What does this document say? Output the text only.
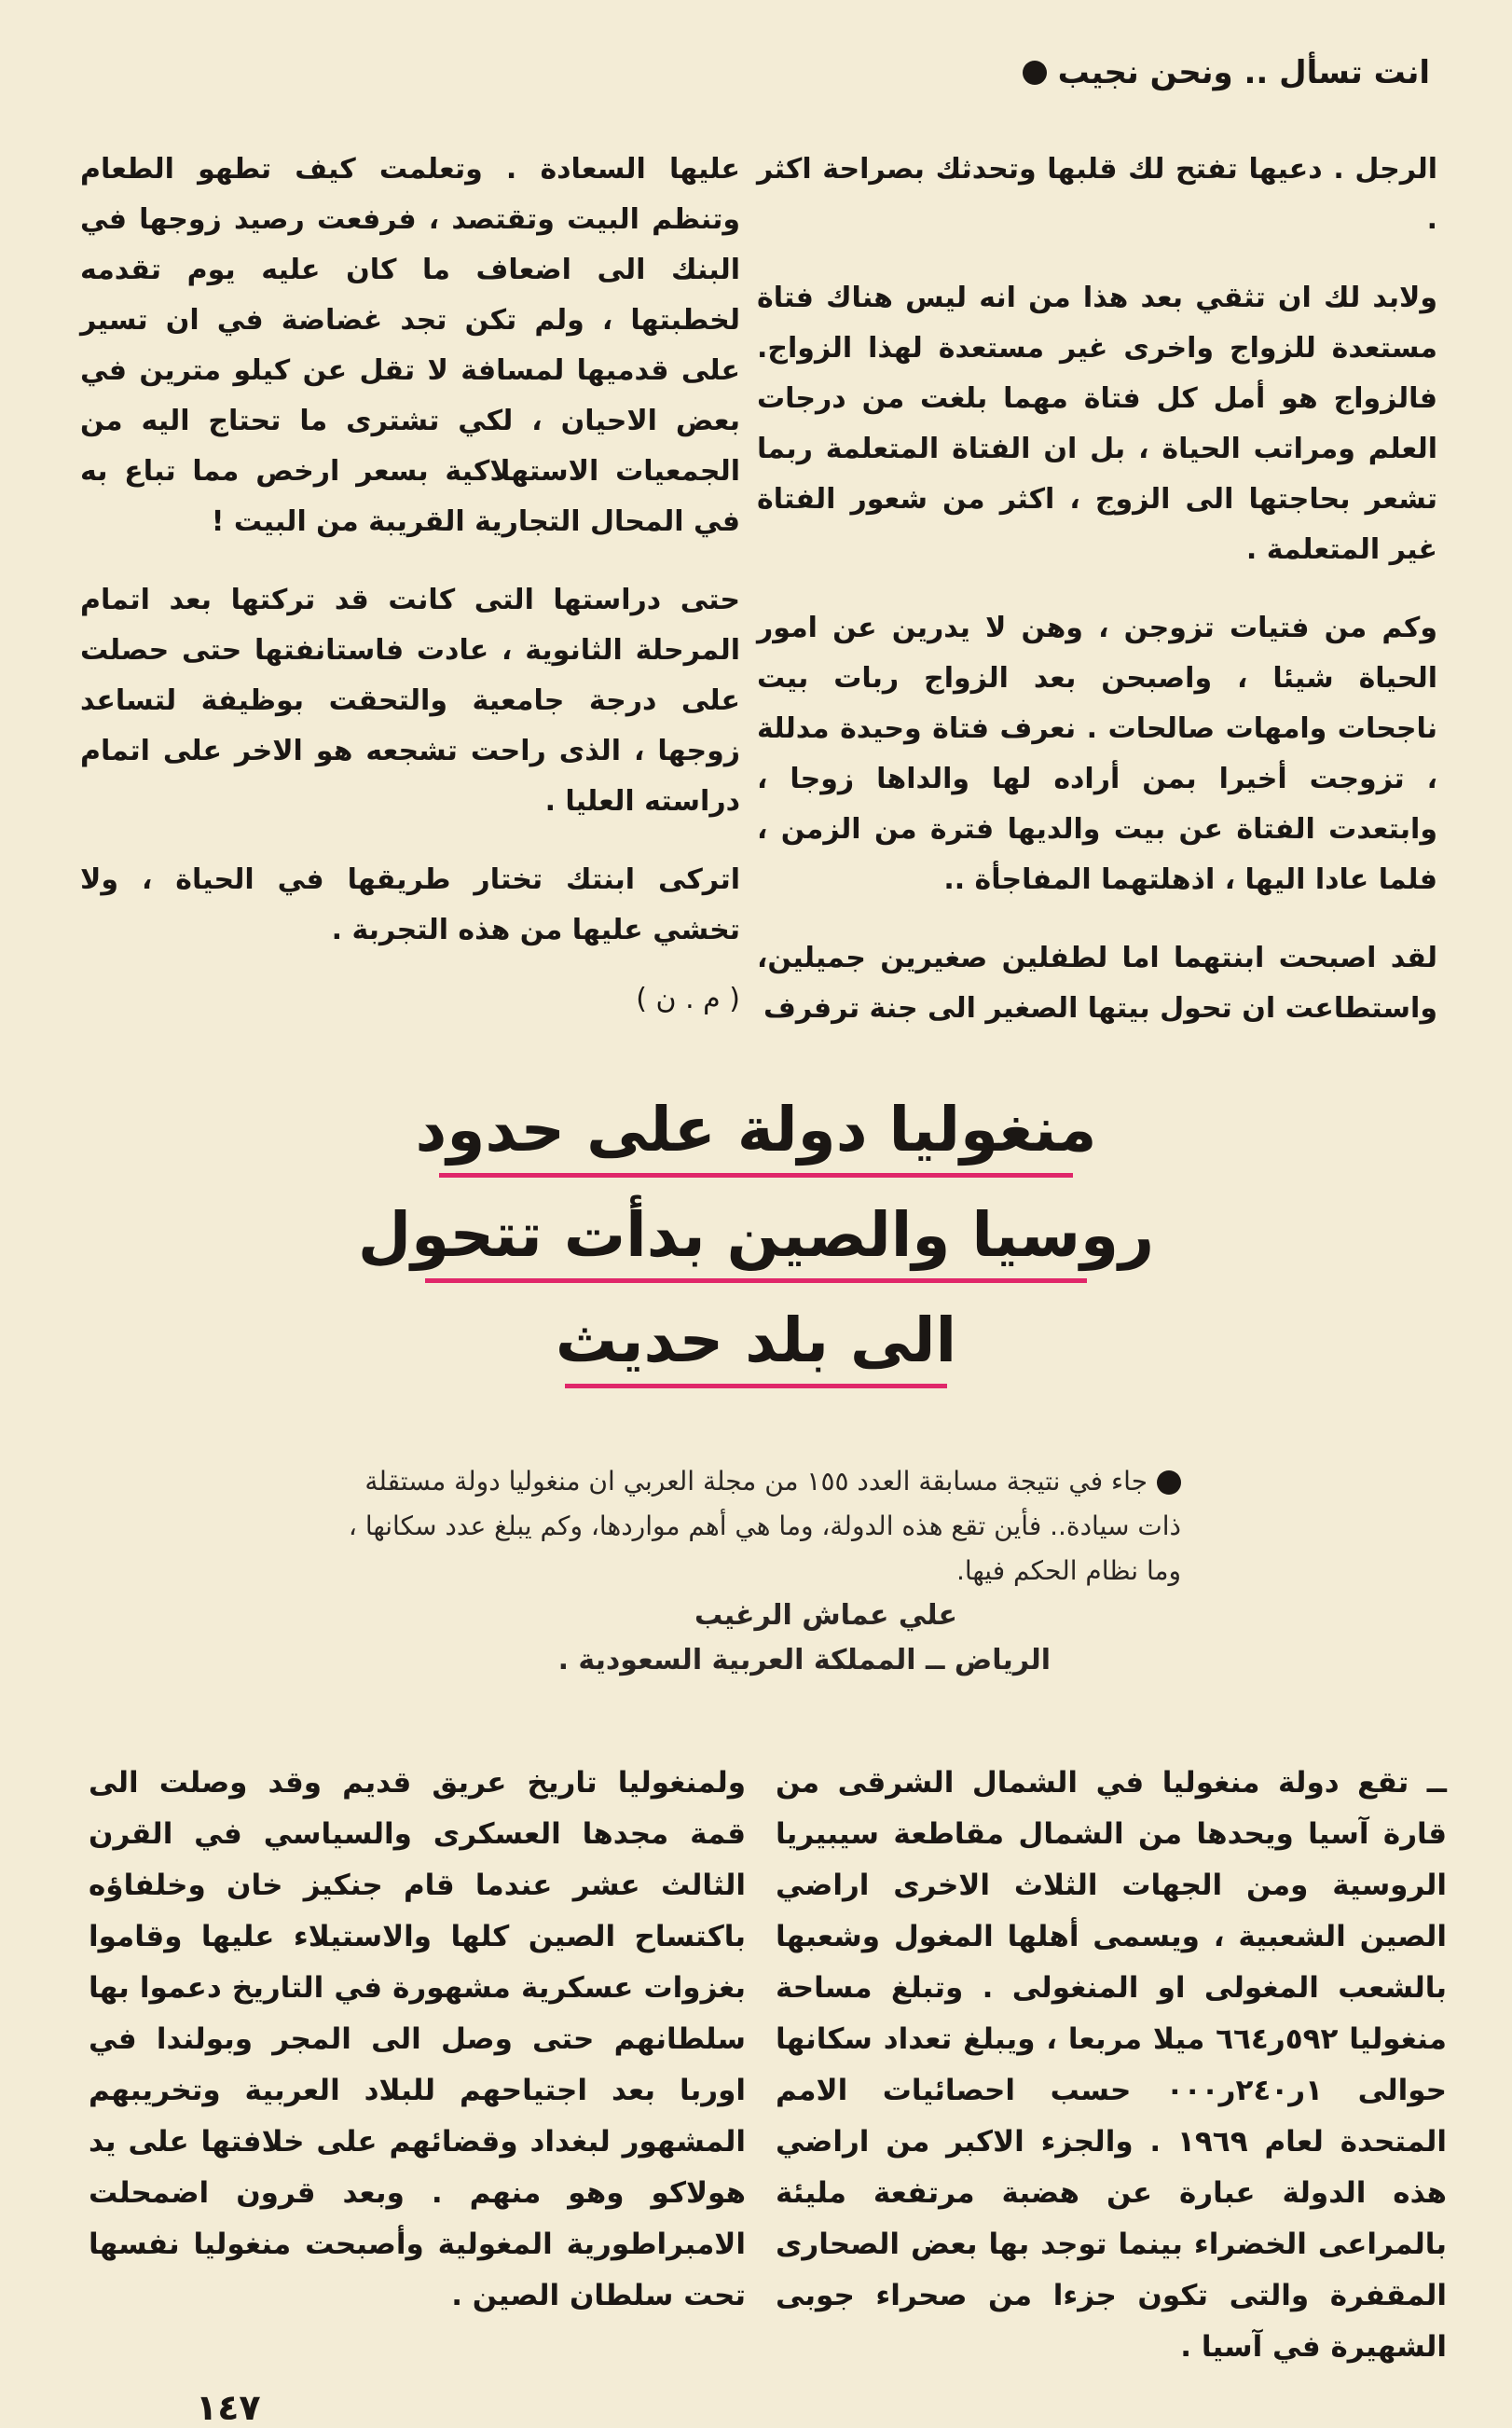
انت تسأل .. ونحن نجيب

الرجل . دعيها تفتح لك قلبها وتحدثك بصراحة اكثر .

ولابد لك ان تثقي بعد هذا من انه ليس هناك فتاة مستعدة للزواج واخرى غير مستعدة لهذا الزواج. فالزواج هو أمل كل فتاة مهما بلغت من درجات العلم ومراتب الحياة ، بل ان الفتاة المتعلمة ربما تشعر بحاجتها الى الزوج ، اكثر من شعور الفتاة غير المتعلمة .

وكم من فتيات تزوجن ، وهن لا يدرين عن امور الحياة شيئا ، واصبحن بعد الزواج ربات بيت ناجحات وامهات صالحات . نعرف فتاة وحيدة مدللة ، تزوجت أخيرا بمن أراده لها والداها زوجا ، وابتعدت الفتاة عن بيت والديها فترة من الزمن ، فلما عادا اليها ، اذهلتهما المفاجأة ..

لقد اصبحت ابنتهما اما لطفلين صغيرين جميلين، واستطاعت ان تحول بيتها الصغير الى جنة ترفرف

عليها السعادة . وتعلمت كيف تطهو الطعام وتنظم البيت وتقتصد ، فرفعت رصيد زوجها في البنك الى اضعاف ما كان عليه يوم تقدمه لخطبتها ، ولم تكن تجد غضاضة في ان تسير على قدميها لمسافة لا تقل عن كيلو مترين في بعض الاحيان ، لكي تشترى ما تحتاج اليه من الجمعيات الاستهلاكية بسعر ارخص مما تباع به في المحال التجارية القريبة من البيت !

حتى دراستها التى كانت قد تركتها بعد اتمام المرحلة الثانوية ، عادت فاستانفتها حتى حصلت على درجة جامعية والتحقت بوظيفة لتساعد زوجها ، الذى راحت تشجعه هو الاخر على اتمام دراسته العليا .

اتركى ابنتك تختار طريقها في الحياة ، ولا تخشي عليها من هذه التجربة .

( م . ن )

منغوليا دولة على حدود
روسيا والصين بدأت تتحول
الى بلد حديث
جاء في نتيجة مسابقة العدد ١٥٥ من مجلة العربي ان منغوليا دولة مستقلة ذات سيادة.. فأين تقع هذه الدولة، وما هي أهم مواردها، وكم يبلغ عدد سكانها ، وما نظام الحكم فيها.
علي عماش الرغيب
الرياض ــ المملكة العربية السعودية .

ــ تقع دولة منغوليا في الشمال الشرقى من قارة آسيا ويحدها من الشمال مقاطعة سيبيريا الروسية ومن الجهات الثلاث الاخرى اراضي الصين الشعبية ، ويسمى أهلها المغول وشعبها بالشعب المغولى او المنغولى . وتبلغ مساحة منغوليا ٥٩٢ر٦٦٤ ميلا مربعا ، ويبلغ تعداد سكانها حوالى ١ر٢٤٠ر٠٠٠ حسب احصائيات الامم المتحدة لعام ١٩٦٩ . والجزء الاكبر من اراضي هذه الدولة عبارة عن هضبة مرتفعة مليئة بالمراعى الخضراء بينما توجد بها بعض الصحارى المقفرة والتى تكون جزءا من صحراء جوبى الشهيرة في آسيا .

ولمنغوليا تاريخ عريق قديم وقد وصلت الى قمة مجدها العسكرى والسياسي في القرن الثالث عشر عندما قام جنكيز خان وخلفاؤه باكتساح الصين كلها والاستيلاء عليها وقاموا بغزوات عسكرية مشهورة في التاريخ دعموا بها سلطانهم حتى وصل الى المجر وبولندا في اوربا بعد اجتياحهم للبلاد العربية وتخريبهم المشهور لبغداد وقضائهم على خلافتها على يد هولاكو وهو منهم . وبعد قرون اضمحلت الامبراطورية المغولية وأصبحت منغوليا نفسها تحت سلطان الصين .

١٤٧
